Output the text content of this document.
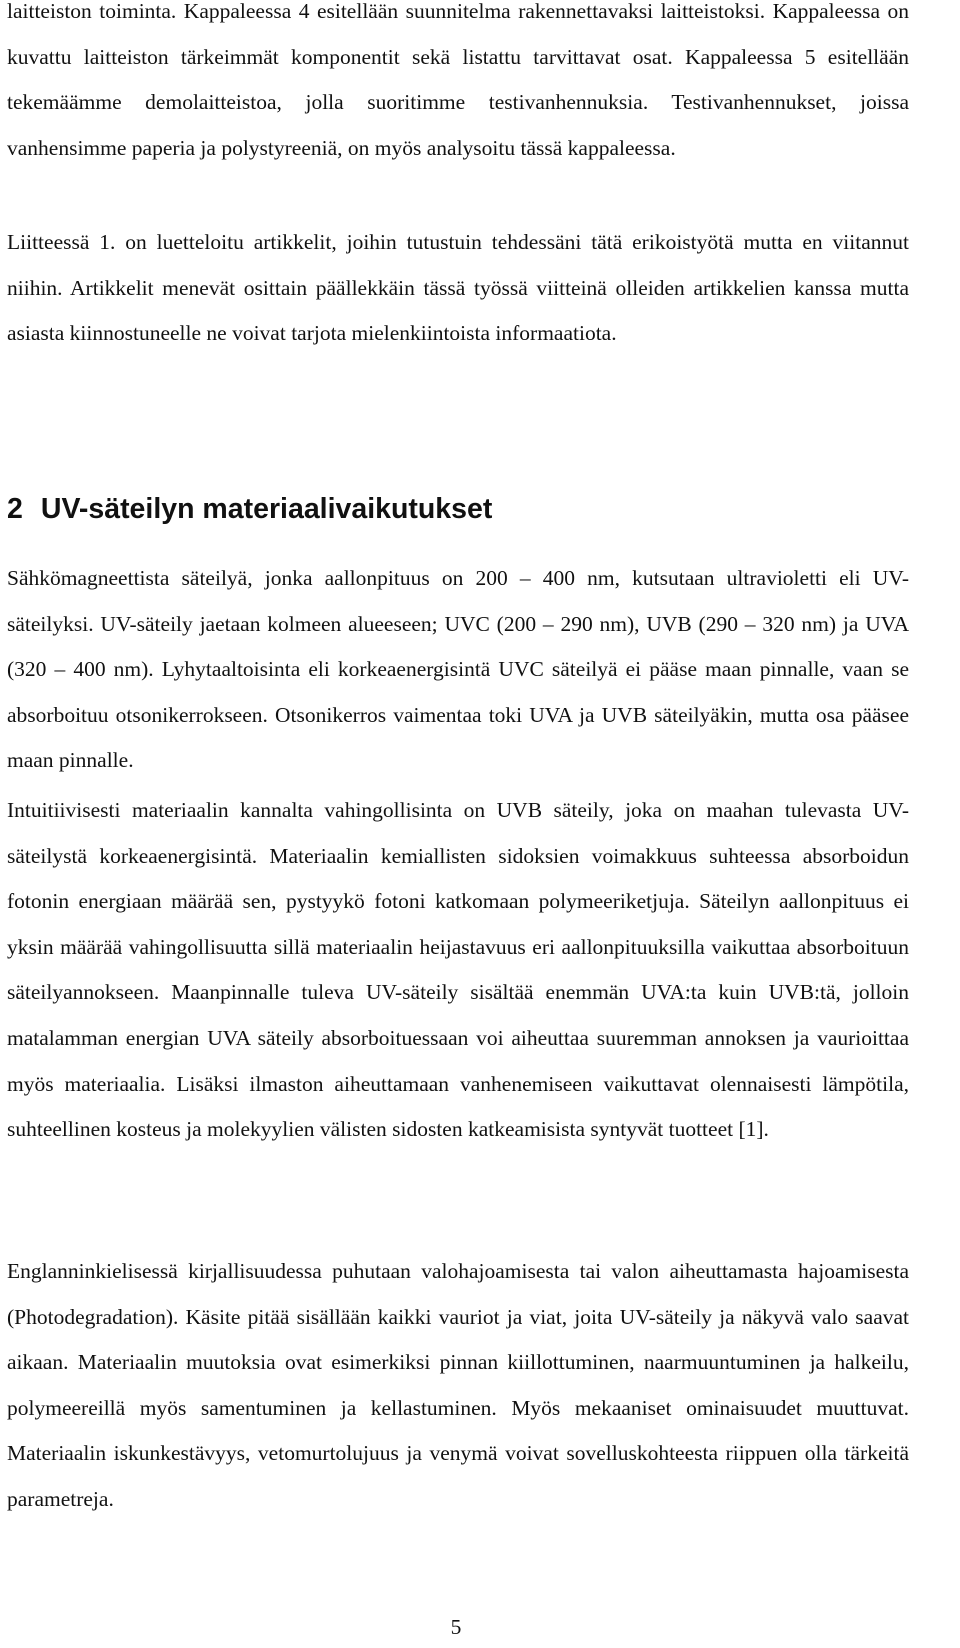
laitteiston toiminta. Kappaleessa 4 esitellään suunnitelma rakennettavaksi laitteistoksi. Kappaleessa on kuvattu laitteiston tärkeimmät komponentit sekä listattu tarvittavat osat. Kappaleessa 5 esitellään tekemäämme demolaitteistoa, jolla suoritimme testivanhennuksia. Testivanhennukset, joissa vanhensimme paperia ja polystyreeniä, on myös analysoitu tässä kappaleessa.

Liitteessä 1. on luetteloitu artikkelit, joihin tutustuin tehdessäni tätä erikoistyötä mutta en viitannut niihin. Artikkelit menevät osittain päällekkäin tässä työssä viitteinä olleiden artikkelien kanssa mutta asiasta kiinnostuneelle ne voivat tarjota mielenkiintoista informaatiota.

2 UV-säteilyn materiaalivaikutukset

Sähkömagneettista säteilyä, jonka aallonpituus on 200 – 400 nm, kutsutaan ultravioletti eli UV-säteilyksi. UV-säteily jaetaan kolmeen alueeseen; UVC (200 – 290 nm), UVB (290 – 320 nm) ja UVA (320 – 400 nm). Lyhytaaltoisinta eli korkeaenergisintä UVC säteilyä ei pääse maan pinnalle, vaan se absorboituu otsonikerrokseen. Otsonikerros vaimentaa toki UVA ja UVB säteilyäkin, mutta osa pääsee maan pinnalle.

Intuitiivisesti materiaalin kannalta vahingollisinta on UVB säteily, joka on maahan tulevasta UV-säteilystä korkeaenergisintä. Materiaalin kemiallisten sidoksien voimakkuus suhteessa absorboidun fotonin energiaan määrää sen, pystyykö fotoni katkomaan polymeeriketjuja. Säteilyn aallonpituus ei yksin määrää vahingollisuutta sillä materiaalin heijastavuus eri aallonpituuksilla vaikuttaa absorboituun säteilyannokseen. Maanpinnalle tuleva UV-säteily sisältää enemmän UVA:ta kuin UVB:tä, jolloin matalamman energian UVA säteily absorboituessaan voi aiheuttaa suuremman annoksen ja vaurioittaa myös materiaalia. Lisäksi ilmaston aiheuttamaan vanhenemiseen vaikuttavat olennaisesti lämpötila, suhteellinen kosteus ja molekyylien välisten sidosten katkeamisista syntyvät tuotteet [1].

Englanninkielisessä kirjallisuudessa puhutaan valohajoamisesta tai valon aiheuttamasta hajoamisesta (Photodegradation). Käsite pitää sisällään kaikki vauriot ja viat, joita UV-säteily ja näkyvä valo saavat aikaan. Materiaalin muutoksia ovat esimerkiksi pinnan kiillottuminen, naarmuuntuminen ja halkeilu, polymeereillä myös samentuminen ja kellastuminen. Myös mekaaniset ominaisuudet muuttuvat. Materiaalin iskunkestävyys, vetomurtolujuus ja venymä voivat sovelluskohteesta riippuen olla tärkeitä parametreja.

5
